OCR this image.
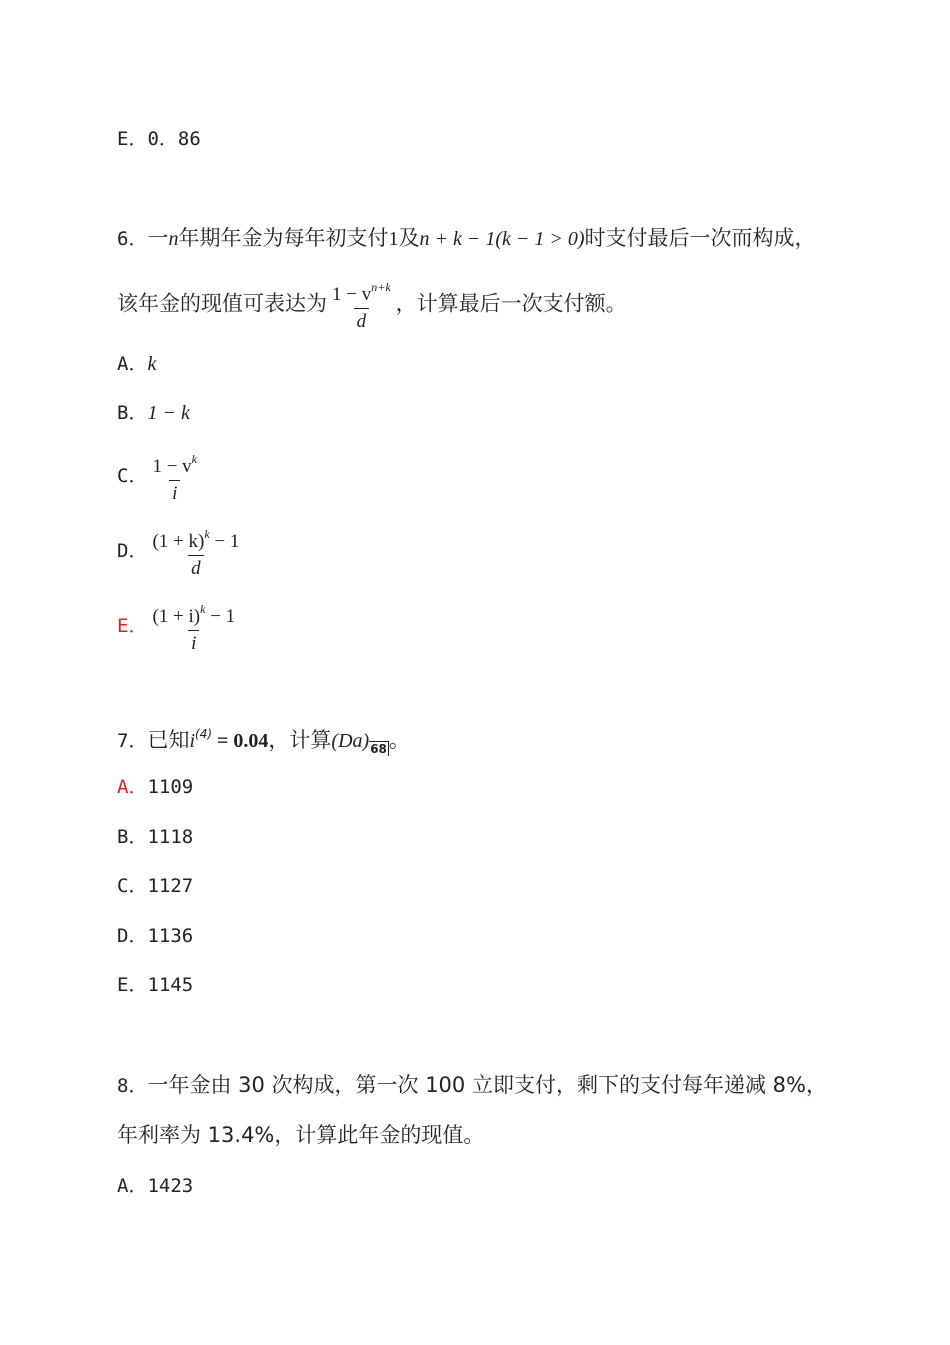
E．0．86
6．一n年期年金为每年初支付1及n + k − 1(k − 1 > 0)时支付最后一次而构成，
该年金的现值可表达为 $\frac{1 - v^{n+k}}{d}$ ，计算最后一次支付额。
A．k
B．1 − k
C． $\frac{1 - v^k}{i}$
D． $\frac{(1 + k)^k - 1}{d}$
E． $\frac{(1 + i)^k - 1}{i}$
7．已知$i^{(4)} = 0.04$，计算$(Da)_{68}$。
A．1109
B．1118
C．1127
D．1136
E．1145
8．一年金由 30 次构成，第一次 100 立即支付，剩下的支付每年递减 8%，
年利率为 13.4%，计算此年金的现值。
A．1423
